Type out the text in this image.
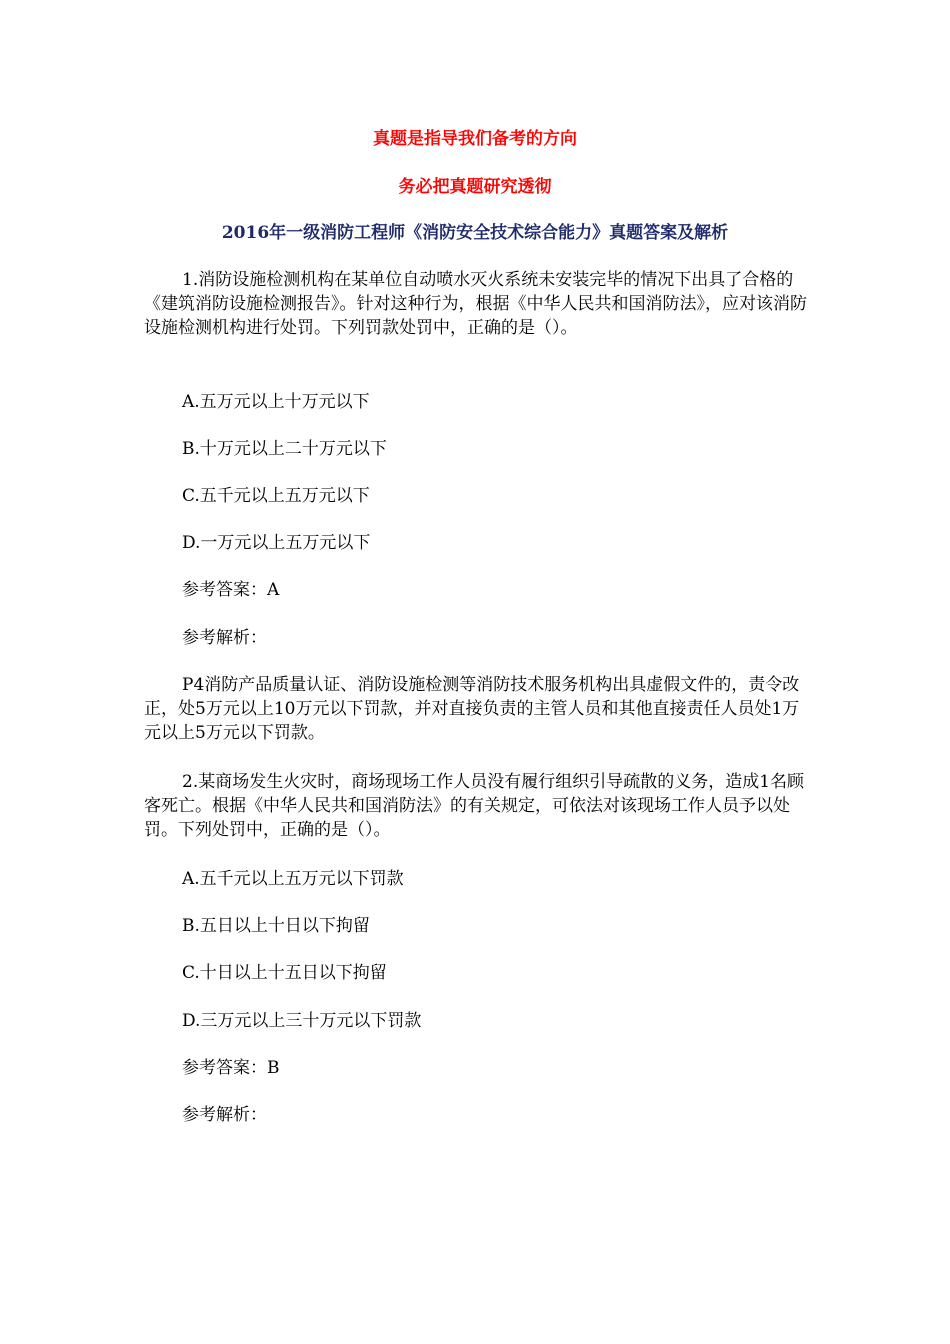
真题是指导我们备考的方向
务必把真题研究透彻
2016年一级消防工程师《消防安全技术综合能力》真题答案及解析

1.消防设施检测机构在某单位自动喷水灭火系统未安装完毕的情况下出具了合格的《建筑消防设施检测报告》。针对这种行为，根据《中华人民共和国消防法》，应对该消防设施检测机构进行处罚。下列罚款处罚中，正确的是（）。

A.五万元以上十万元以下

B.十万元以上二十万元以下

C.五千元以上五万元以下

D.一万元以上五万元以下

参考答案：A

参考解析：

P4消防产品质量认证、消防设施检测等消防技术服务机构出具虚假文件的，责令改正，处5万元以上10万元以下罚款，并对直接负责的主管人员和其他直接责任人员处1万元以上5万元以下罚款。

2.某商场发生火灾时，商场现场工作人员没有履行组织引导疏散的义务，造成1名顾客死亡。根据《中华人民共和国消防法》的有关规定，可依法对该现场工作人员予以处罚。下列处罚中，正确的是（）。

A.五千元以上五万元以下罚款

B.五日以上十日以下拘留

C.十日以上十五日以下拘留

D.三万元以上三十万元以下罚款

参考答案：B

参考解析：
